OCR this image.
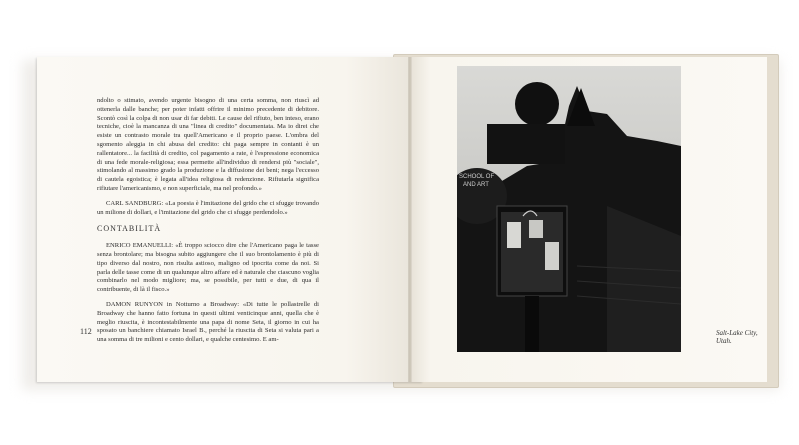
ndolto o stimato, avendo urgente bisogno di una certa somma, non riuscì ad ottenerla dalle banche; per poter infatti offrire il minimo precedente di debitore. Scontò così la colpa di non usar di far debiti. Le cause del rifiuto, ben inteso, erano tecniche, cioè la mancanza di una "linea di credito" documentata. Ma io direi che esiste un contrasto morale tra quell'Americano e il proprio paese. L'ombra del sgomento aleggia in chi abusa del credito: chi paga sempre in contanti è un rallentatore... la facilità di credito, col pagamento a rate, è l'espressione economica di una fede morale-religiosa; essa permette all'individuo di rendersi più "sociale", stimolando al massimo grado la produzione e la diffusione dei beni; nega l'eccesso di cautela egoistica; è legata all'idea religiosa di redenzione. Rifiutarla significa rifiutare l'americanismo, e non superficiale, ma nel profondo.»

CARL SANDBURG: «La poesia è l'imitazione del grido che ci sfugge trovando un milione di dollari, e l'imitazione del grido che ci sfugge perdendolo.»

CONTABILITÀ

ENRICO EMANUELLI: «È troppo sciocco dire che l'Americano paga le tasse senza brontolare; ma bisogna subito aggiungere che il suo brontolamento è più di tipo diverso dal nostro, non risulta astioso, maligno od ipocrita come da noi. Si parla delle tasse come di un qualunque altro affare ed è naturale che ciascuno voglia combinarlo nel modo migliore; ma, se possibile, per tutti e due, di qua il contribuente, di là il fisco.»

DAMON RUNYON in Notturno a Broadway: «Di tutte le pollastrelle di Broadway che hanno fatto fortuna in questi ultimi venticinque anni, quella che è meglio riuscita, è incontestabilmente una papa di nome Seta, il giorno in cui ha sposato un banchiere chiamato Israel B., perché la riuscita di Seta si valuta pari a una somma di tre milioni e cento dollari, e qualche centesimo. E am-

112	Salt-Lake City, Utah.
SCHOOL OF
AND ART
